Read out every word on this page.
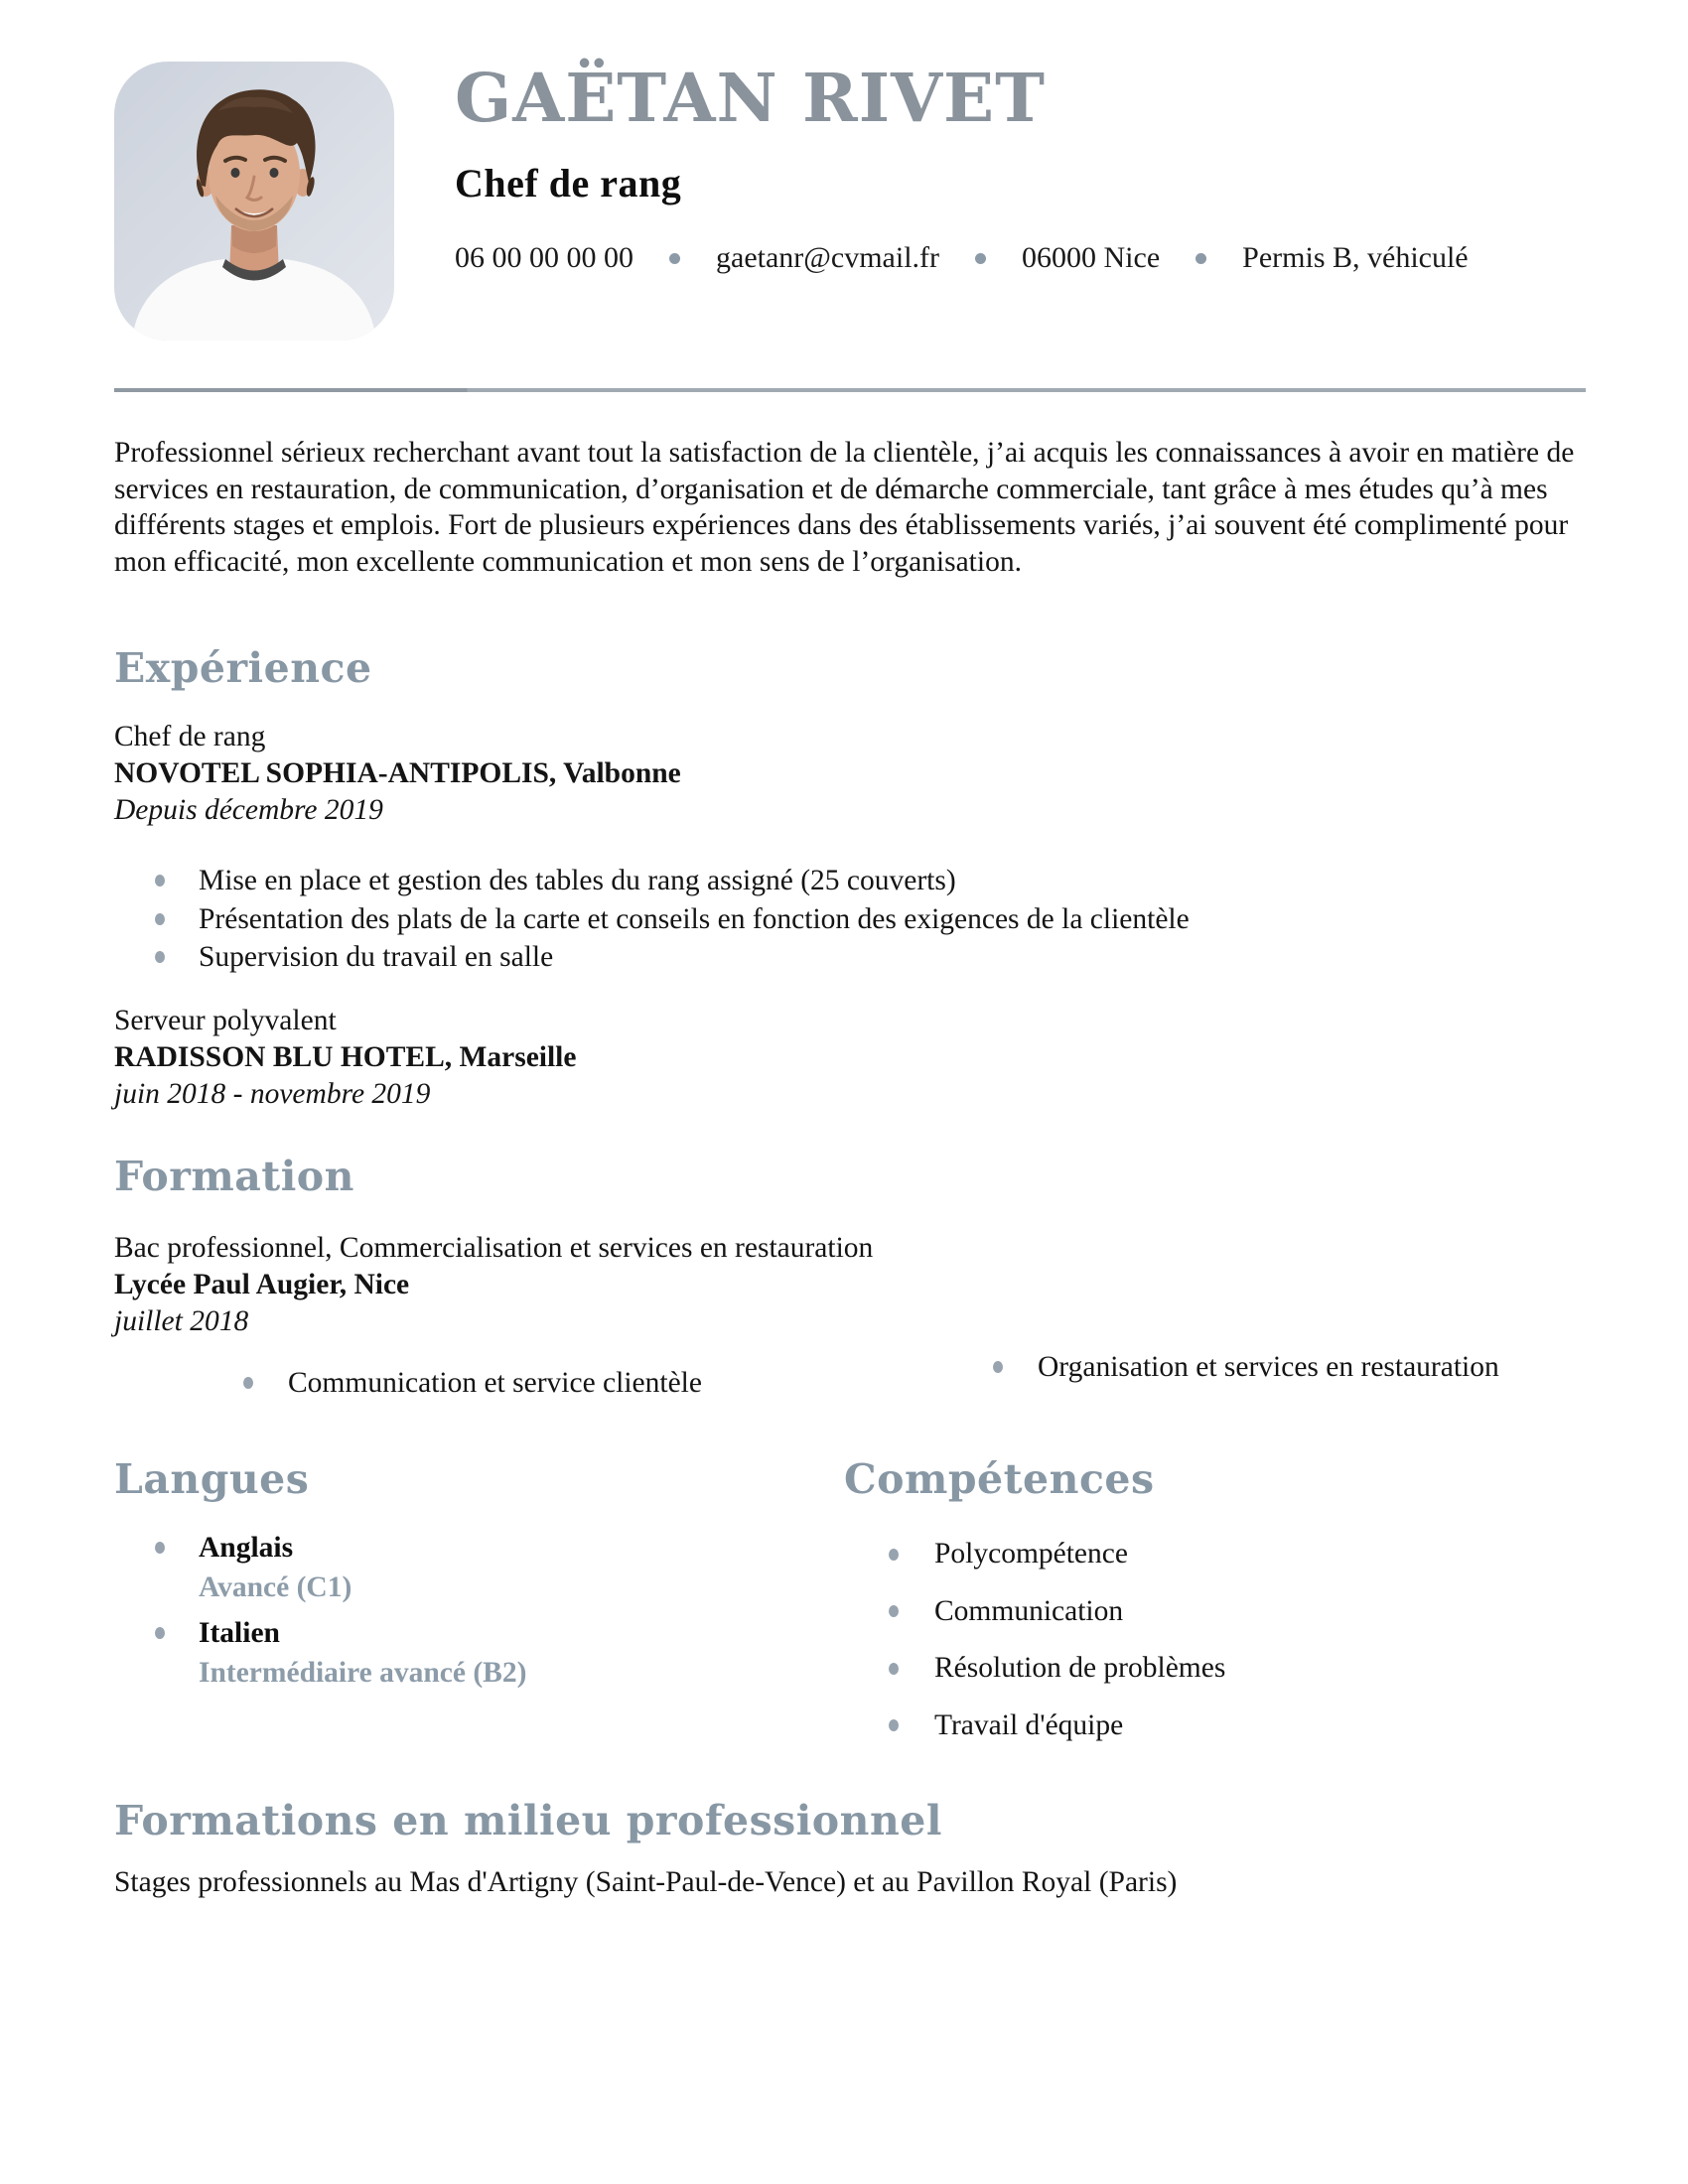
GAËTAN RIVET
Chef de rang
06 00 00 00 00	gaetanr@cvmail.fr	06000 Nice	Permis B, véhiculé

Professionnel sérieux recherchant avant tout la satisfaction de la clientèle, j’ai acquis les connaissances à avoir en matière de services en restauration, de communication, d’organisation et de démarche commerciale, tant grâce à mes études qu’à mes différents stages et emplois. Fort de plusieurs expériences dans des établissements variés, j’ai souvent été complimenté pour mon efficacité, mon excellente communication et mon sens de l’organisation.

Expérience
Chef de rang
NOVOTEL SOPHIA-ANTIPOLIS, Valbonne
Depuis décembre 2019
Mise en place et gestion des tables du rang assigné (25 couverts)
Présentation des plats de la carte et conseils en fonction des exigences de la clientèle
Supervision du travail en salle
Serveur polyvalent
RADISSON BLU HOTEL, Marseille
juin 2018 - novembre 2019
Formation
Bac professionnel, Commercialisation et services en restauration
Lycée Paul Augier, Nice
juillet 2018
Communication et service clientèle	Organisation et services en restauration
Langues
Anglais
Avancé (C1)
Italien
Intermédiaire avancé (B2)
Compétences
Polycompétence
Communication
Résolution de problèmes
Travail d'équipe
Formations en milieu professionnel

Stages professionnels au Mas d'Artigny (Saint-Paul-de-Vence) et au Pavillon Royal (Paris)
